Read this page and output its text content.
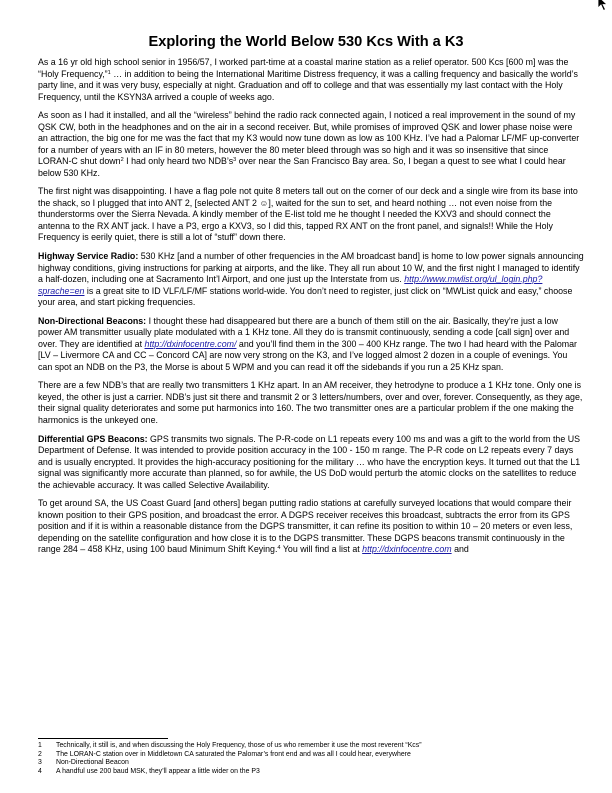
Exploring the World Below 530 Kcs With a K3

As a 16 yr old high school senior in 1956/57, I worked part-time at a coastal marine station as a relief operator. 500 Kcs [600 m] was the “Holy Frequency,”$^1$ … in addition to being the International Maritime Distress frequency, it was a calling frequency and basically the world’s party line, and it was very busy, especially at night. Graduation and off to college and that was essentially my last contact with the Holy Frequency, until the KSYN3A arrived a couple of weeks ago.

As soon as I had it installed, and all the “wireless” behind the radio rack connected again, I noticed a real improvement in the sound of my QSK CW, both in the headphones and on the air in a second receiver. But, while promises of improved QSK and lower phase noise were an attraction, the big one for me was the fact that my K3 would now tune down as low as 100 KHz. I’ve had a Palomar LF/MF up-converter for a number of years with an IF in 80 meters, however the 80 meter bleed through was so high and it was so insensitive that since LORAN-C shut down$^2$ I had only heard two $NDB’s^3$ over near the San Francisco Bay area. So, I began a quest to see what I could hear below 530 KHz.

The first night was disappointing. I have a flag pole not quite 8 meters tall out on the corner of our deck and a single wire from its base into the shack, so I plugged that into ANT 2, [selected ANT 2 ☺], waited for the sun to set, and heard nothing … not even noise from the thunderstorms over the Sierra Nevada. A kindly member of the E-list told me he thought I needed the KXV3 and should connect the antenna to the RX ANT jack. I have a P3, ergo a KXV3, so I did this, tapped RX ANT on the front panel, and signals!! While the Holy Frequency is eerily quiet, there is still a lot of “stuff” down there.

Highway Service Radio: 530 KHz [and a number of other frequencies in the AM broadcast band] is home to low power signals announcing highway conditions, giving instructions for parking at airports, and the like. They all run about 10 W, and the first night I managed to identify a half-dozen, including one at Sacramento Int’l Airport, and one just up the Interstate from us. http://www.mwlist.org/ul_login.php?sprache=en is a great site to ID VLF/LF/MF stations world-wide. You don’t need to register, just click on “MWList quick and easy,” choose your area, and start picking frequencies.

Non-Directional Beacons: I thought these had disappeared but there are a bunch of them still on the air. Basically, they’re just a low power AM transmitter usually plate modulated with a 1 KHz tone. All they do is transmit continuously, sending a code [call sign] over and over. They are identified at http://dxinfocentre.com/ and you’ll find them in the 300 – 400 KHz range. The two I had heard with the Palomar [LV – Livermore CA and CC – Concord CA] are now very strong on the K3, and I’ve logged almost 2 dozen in a couple of evenings. You can spot an NDB on the P3, the Morse is about 5 WPM and you can read it off the sidebands if you run a 25 KHz span.

There are a few NDB’s that are really two transmitters 1 KHz apart. In an AM receiver, they hetrodyne to produce a 1 KHz tone. Only one is keyed, the other is just a carrier. NDB’s just sit there and transmit 2 or 3 letters/numbers, over and over, forever. Consequently, as they age, their signal quality deteriorates and some put harmonics into 160. The two transmitter ones are a particular problem if the one making the harmonics is the unkeyed one.

Differential GPS Beacons: GPS transmits two signals. The P-R-code on L1 repeats every 100 ms and was a gift to the world from the US Department of Defense. It was intended to provide position accuracy in the 100 - 150 m range. The P-R code on L2 repeats every 7 days and is usually encrypted. It provides the high-accuracy positioning for the military … who have the encryption keys. It turned out that the L1 signal was significantly more accurate than planned, so for awhile, the US DoD would perturb the atomic clocks on the satellites to reduce the achievable accuracy. It was called Selective Availability.

To get around SA, the US Coast Guard [and others] began putting radio stations at carefully surveyed locations that would compare their known position to their GPS position, and broadcast the error. A DGPS receiver receives this broadcast, subtracts the error from its GPS position and if it is within a reasonable distance from the DGPS transmitter, it can refine its position to within 10 – 20 meters or even less, depending on the satellite configuration and how close it is to the DGPS transmitter. These DGPS beacons transmit continuously in the range 284 – 458 KHz, using 100 baud Minimum Shift Keying.$^4$ You will find a list at http://dxinfocentre.com and

1	Technically, it still is, and when discussing the Holy Frequency, those of us who remember it use the most reverent “Kcs”
2	The LORAN-C station over in Middletown CA saturated the Palomar’s front end and was all I could hear, everywhere
3	Non-Directional Beacon
4	A handful use 200 baud MSK, they’ll appear a little wider on the P3
